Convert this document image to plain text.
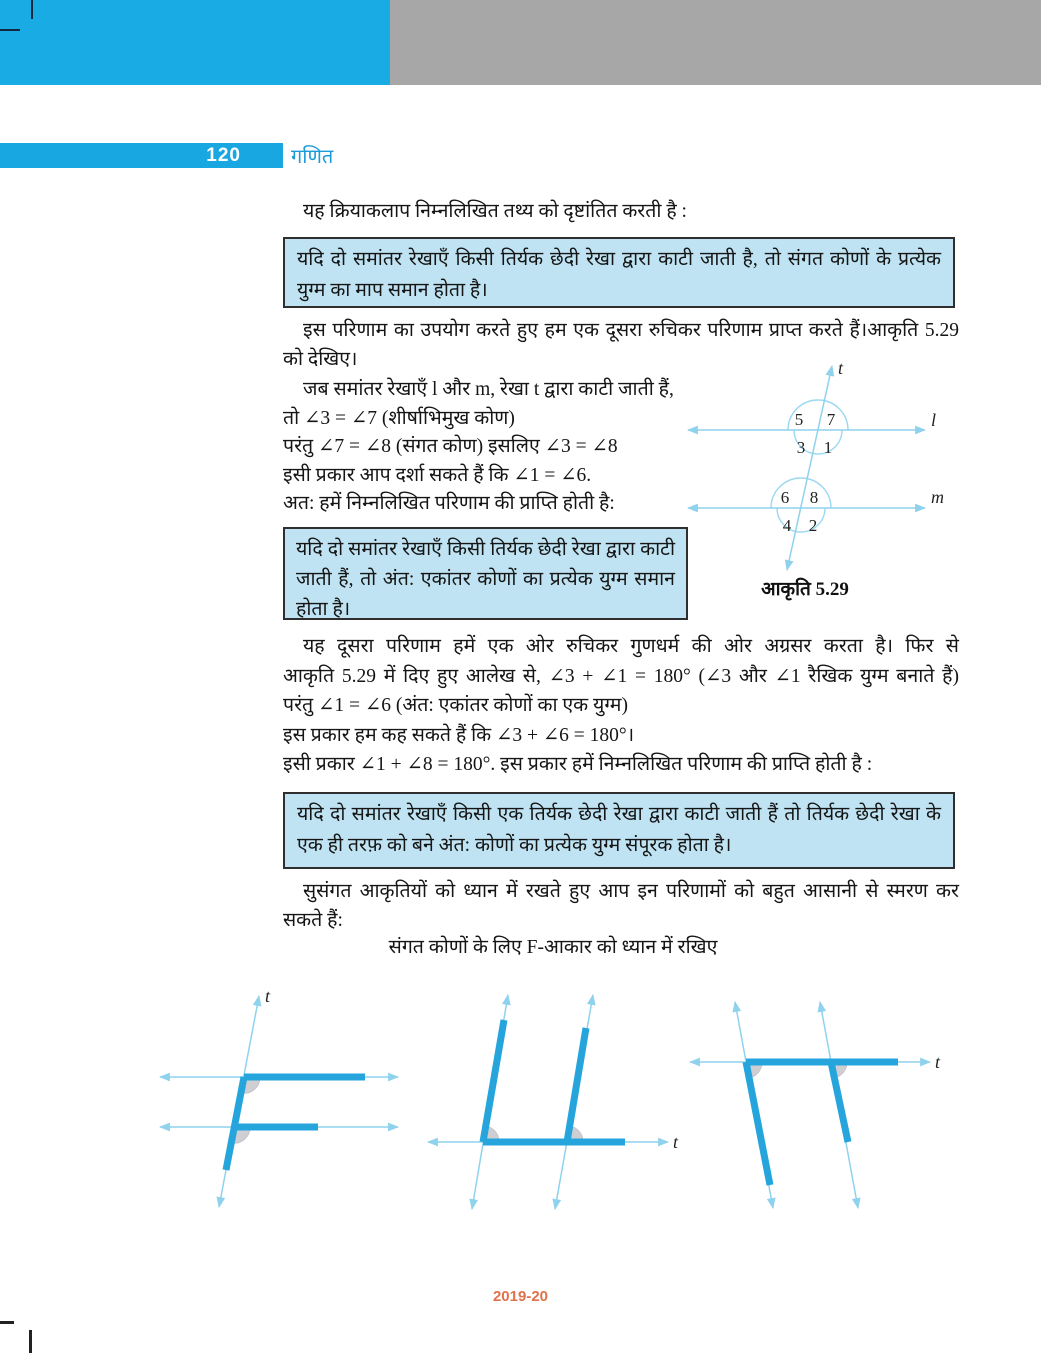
120	गणित
यह क्रियाकलाप निम्नलिखित तथ्य को दृष्टांतित करती है :
यदि दो समांतर रेखाएँ किसी तिर्यक छेदी रेखा द्वारा काटी जाती है, तो संगत कोणों के प्रत्येक युग्म का माप समान होता है।
इस परिणाम का उपयोग करते हुए हम एक दूसरा रुचिकर परिणाम प्राप्त करते हैं।आकृति 5.29
को देखिए।
जब समांतर रेखाएँ l और m, रेखा t द्वारा काटी जाती हैं,
तो ∠3 = ∠7 (शीर्षाभिमुख कोण)
परंतु ∠7 = ∠8 (संगत कोण) इसलिए ∠3 = ∠8
इसी प्रकार आप दर्शा सकते हैं कि ∠1 = ∠6.
अत: हमें निम्नलिखित परिणाम की प्राप्ति होती है:
t
l
m
5 7
3 1
6 8
4 2
आकृति 5.29
यदि दो समांतर रेखाएँ किसी तिर्यक छेदी रेखा द्वारा काटी जाती हैं, तो अंत: एकांतर कोणों का प्रत्येक युग्म समान होता है।
यह दूसरा परिणाम हमें एक ओर रुचिकर गुणधर्म की ओर अग्रसर करता है। फिर से
आकृति 5.29 में दिए हुए आलेख से, ∠3 + ∠1 = 180° (∠3 और ∠1 रैखिक युग्म बनाते हैं)
परंतु ∠1 = ∠6 (अंत: एकांतर कोणों का एक युग्म)
इस प्रकार हम कह सकते हैं कि ∠3 + ∠6 = 180°।
इसी प्रकार ∠1 + ∠8 = 180°. इस प्रकार हमें निम्नलिखित परिणाम की प्राप्ति होती है :
यदि दो समांतर रेखाएँ किसी एक तिर्यक छेदी रेखा द्वारा काटी जाती हैं तो तिर्यक छेदी रेखा के एक ही तरफ़ को बने अंत: कोणों का प्रत्येक युग्म संपूरक होता है।
सुसंगत आकृतियों को ध्यान में रखते हुए आप इन परिणामों को बहुत आसानी से स्मरण कर
सकते हैं:
संगत कोणों के लिए F-आकार को ध्यान में रखिए
t
t
t
2019-20
